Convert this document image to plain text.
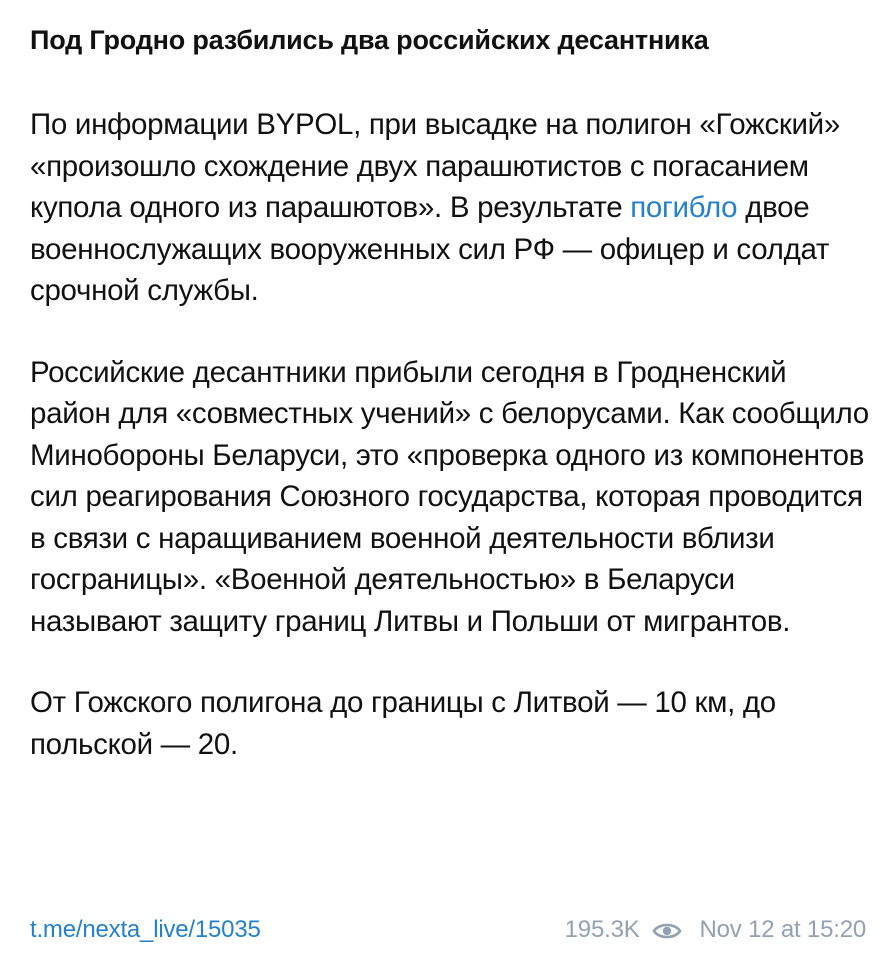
Под Гродно разбились два российских десантника

По информации BYPOL, при высадке на полигон «Гожский» «произошло схождение двух парашютистов с погасанием купола одного из парашютов». В результате погибло двое военнослужащих вооруженных сил РФ — офицер и солдат срочной службы.

Российские десантники прибыли сегодня в Гродненский район для «совместных учений» с белорусами. Как сообщило Минобороны Беларуси, это «проверка одного из компонентов сил реагирования Союзного государства, которая проводится в связи с наращиванием военной деятельности вблизи госграницы». «Военной деятельностью» в Беларуси называют защиту границ Литвы и Польши от мигрантов.

От Гожского полигона до границы с Литвой — 10 км, до польской — 20.

t.me/nexta_live/15035	195.3K	Nov 12 at 15:20
